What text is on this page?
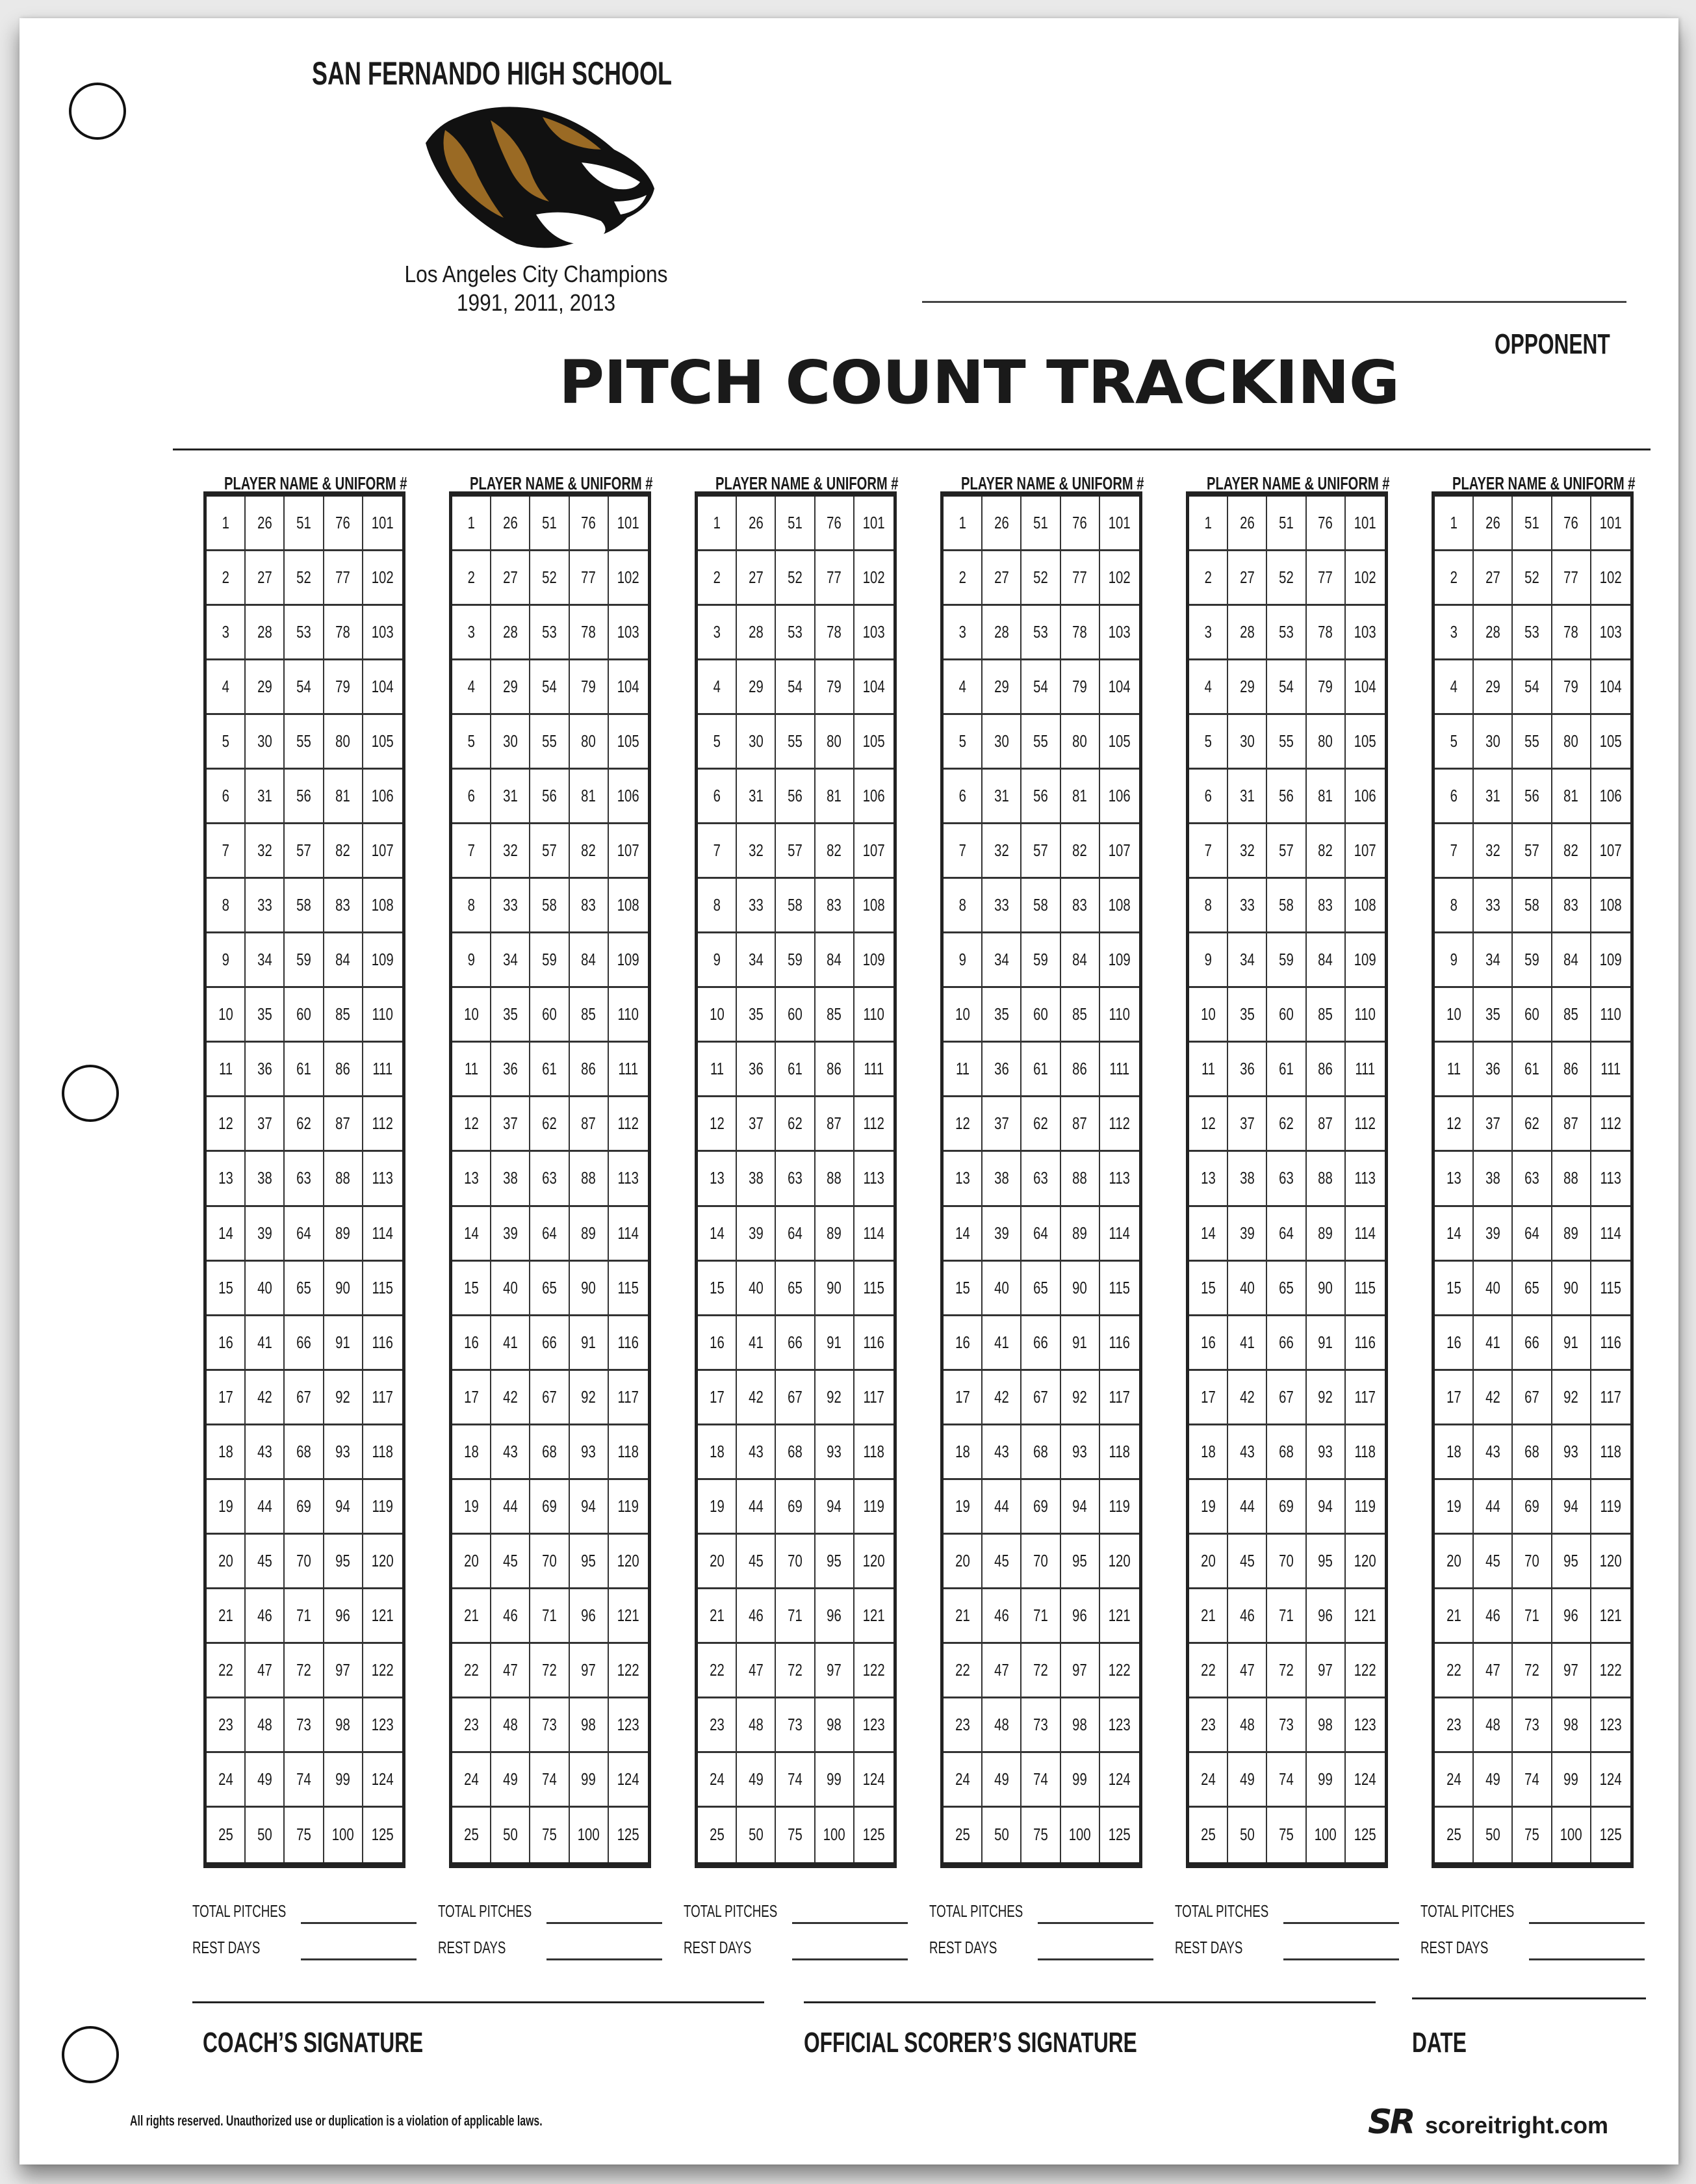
SAN FERNANDO HIGH SCHOOL
Los Angeles City Champions
1991, 2011, 2013
OPPONENT
PITCH COUNT TRACKING
PLAYER NAME & UNIFORM #
1 26 51 76 101
2 27 52 77 102
3 28 53 78 103
4 29 54 79 104
5 30 55 80 105
6 31 56 81 106
7 32 57 82 107
8 33 58 83 108
9 34 59 84 109
10 35 60 85 110
11 36 61 86 111
12 37 62 87 112
13 38 63 88 113
14 39 64 89 114
15 40 65 90 115
16 41 66 91 116
17 42 67 92 117
18 43 68 93 118
19 44 69 94 119
20 45 70 95 120
21 46 71 96 121
22 47 72 97 122
23 48 73 98 123
24 49 74 99 124
25 50 75 100 125
TOTAL PITCHES
REST DAYS
PLAYER NAME & UNIFORM #
1 26 51 76 101
2 27 52 77 102
3 28 53 78 103
4 29 54 79 104
5 30 55 80 105
6 31 56 81 106
7 32 57 82 107
8 33 58 83 108
9 34 59 84 109
10 35 60 85 110
11 36 61 86 111
12 37 62 87 112
13 38 63 88 113
14 39 64 89 114
15 40 65 90 115
16 41 66 91 116
17 42 67 92 117
18 43 68 93 118
19 44 69 94 119
20 45 70 95 120
21 46 71 96 121
22 47 72 97 122
23 48 73 98 123
24 49 74 99 124
25 50 75 100 125
TOTAL PITCHES
REST DAYS
PLAYER NAME & UNIFORM #
1 26 51 76 101
2 27 52 77 102
3 28 53 78 103
4 29 54 79 104
5 30 55 80 105
6 31 56 81 106
7 32 57 82 107
8 33 58 83 108
9 34 59 84 109
10 35 60 85 110
11 36 61 86 111
12 37 62 87 112
13 38 63 88 113
14 39 64 89 114
15 40 65 90 115
16 41 66 91 116
17 42 67 92 117
18 43 68 93 118
19 44 69 94 119
20 45 70 95 120
21 46 71 96 121
22 47 72 97 122
23 48 73 98 123
24 49 74 99 124
25 50 75 100 125
TOTAL PITCHES
REST DAYS
PLAYER NAME & UNIFORM #
1 26 51 76 101
2 27 52 77 102
3 28 53 78 103
4 29 54 79 104
5 30 55 80 105
6 31 56 81 106
7 32 57 82 107
8 33 58 83 108
9 34 59 84 109
10 35 60 85 110
11 36 61 86 111
12 37 62 87 112
13 38 63 88 113
14 39 64 89 114
15 40 65 90 115
16 41 66 91 116
17 42 67 92 117
18 43 68 93 118
19 44 69 94 119
20 45 70 95 120
21 46 71 96 121
22 47 72 97 122
23 48 73 98 123
24 49 74 99 124
25 50 75 100 125
TOTAL PITCHES
REST DAYS
PLAYER NAME & UNIFORM #
1 26 51 76 101
2 27 52 77 102
3 28 53 78 103
4 29 54 79 104
5 30 55 80 105
6 31 56 81 106
7 32 57 82 107
8 33 58 83 108
9 34 59 84 109
10 35 60 85 110
11 36 61 86 111
12 37 62 87 112
13 38 63 88 113
14 39 64 89 114
15 40 65 90 115
16 41 66 91 116
17 42 67 92 117
18 43 68 93 118
19 44 69 94 119
20 45 70 95 120
21 46 71 96 121
22 47 72 97 122
23 48 73 98 123
24 49 74 99 124
25 50 75 100 125
TOTAL PITCHES
REST DAYS
PLAYER NAME & UNIFORM #
1 26 51 76 101
2 27 52 77 102
3 28 53 78 103
4 29 54 79 104
5 30 55 80 105
6 31 56 81 106
7 32 57 82 107
8 33 58 83 108
9 34 59 84 109
10 35 60 85 110
11 36 61 86 111
12 37 62 87 112
13 38 63 88 113
14 39 64 89 114
15 40 65 90 115
16 41 66 91 116
17 42 67 92 117
18 43 68 93 118
19 44 69 94 119
20 45 70 95 120
21 46 71 96 121
22 47 72 97 122
23 48 73 98 123
24 49 74 99 124
25 50 75 100 125
TOTAL PITCHES
REST DAYS
COACH’S SIGNATURE	OFFICIAL SCORER’S SIGNATURE	DATE
All rights reserved. Unauthorized use or duplication is a violation of applicable laws.	SR scoreitright.com
